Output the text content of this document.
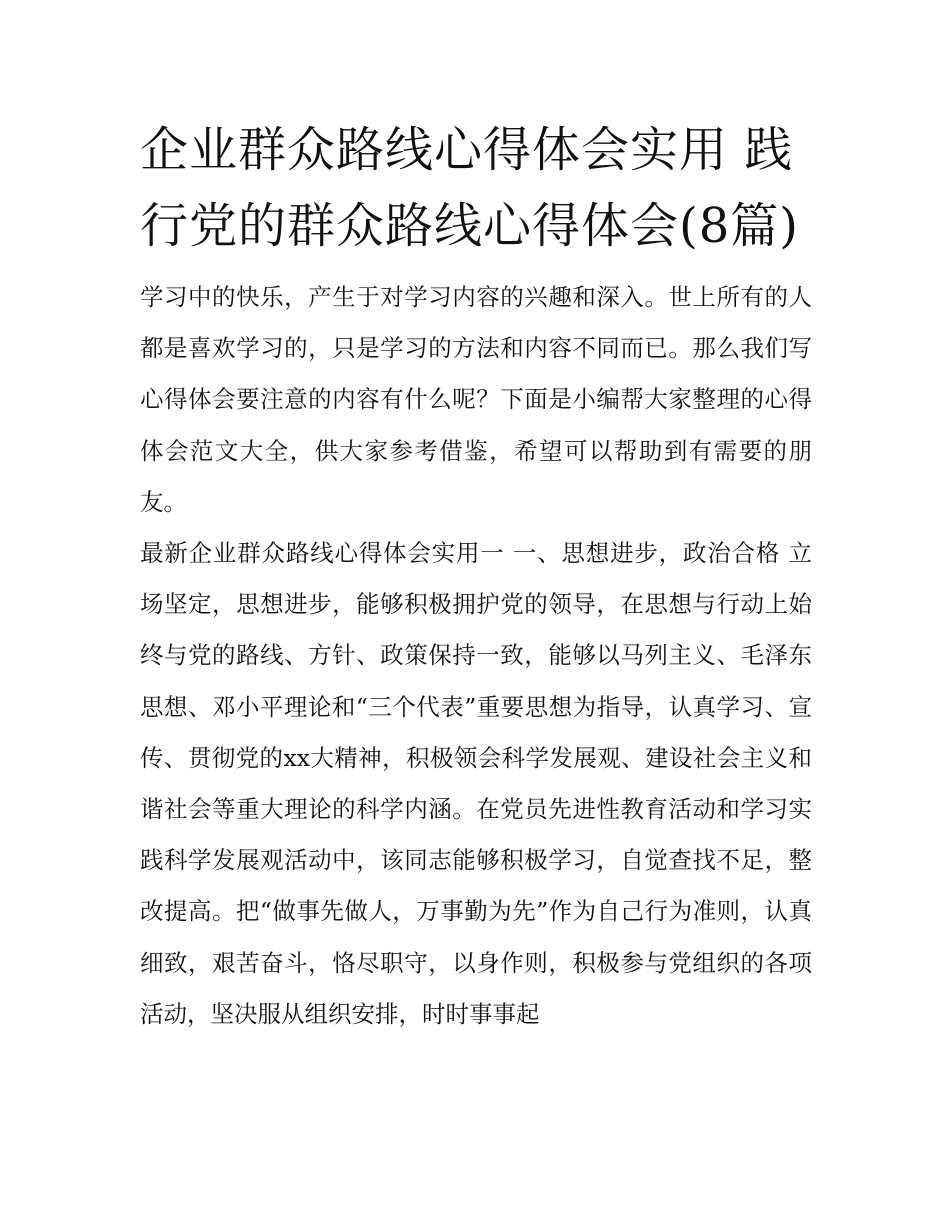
企业群众路线心得体会实用 践行党的群众路线心得体会(8篇)

学习中的快乐，产生于对学习内容的兴趣和深入。世上所有的人都是喜欢学习的，只是学习的方法和内容不同而已。那么我们写心得体会要注意的内容有什么呢？下面是小编帮大家整理的心得体会范文大全，供大家参考借鉴，希望可以帮助到有需要的朋友。

最新企业群众路线心得体会实用一 一、思想进步，政治合格 立场坚定，思想进步，能够积极拥护党的领导，在思想与行动上始终与党的路线、方针、政策保持一致，能够以马列主义、毛泽东思想、邓小平理论和“三个代表”重要思想为指导，认真学习、宣传、贯彻党的xx大精神，积极领会科学发展观、建设社会主义和谐社会等重大理论的科学内涵。在党员先进性教育活动和学习实践科学发展观活动中，该同志能够积极学习，自觉查找不足，整改提高。把“做事先做人，万事勤为先”作为自己行为准则，认真细致，艰苦奋斗，恪尽职守，以身作则，积极参与党组织的各项活动，坚决服从组织安排，时时事事起
